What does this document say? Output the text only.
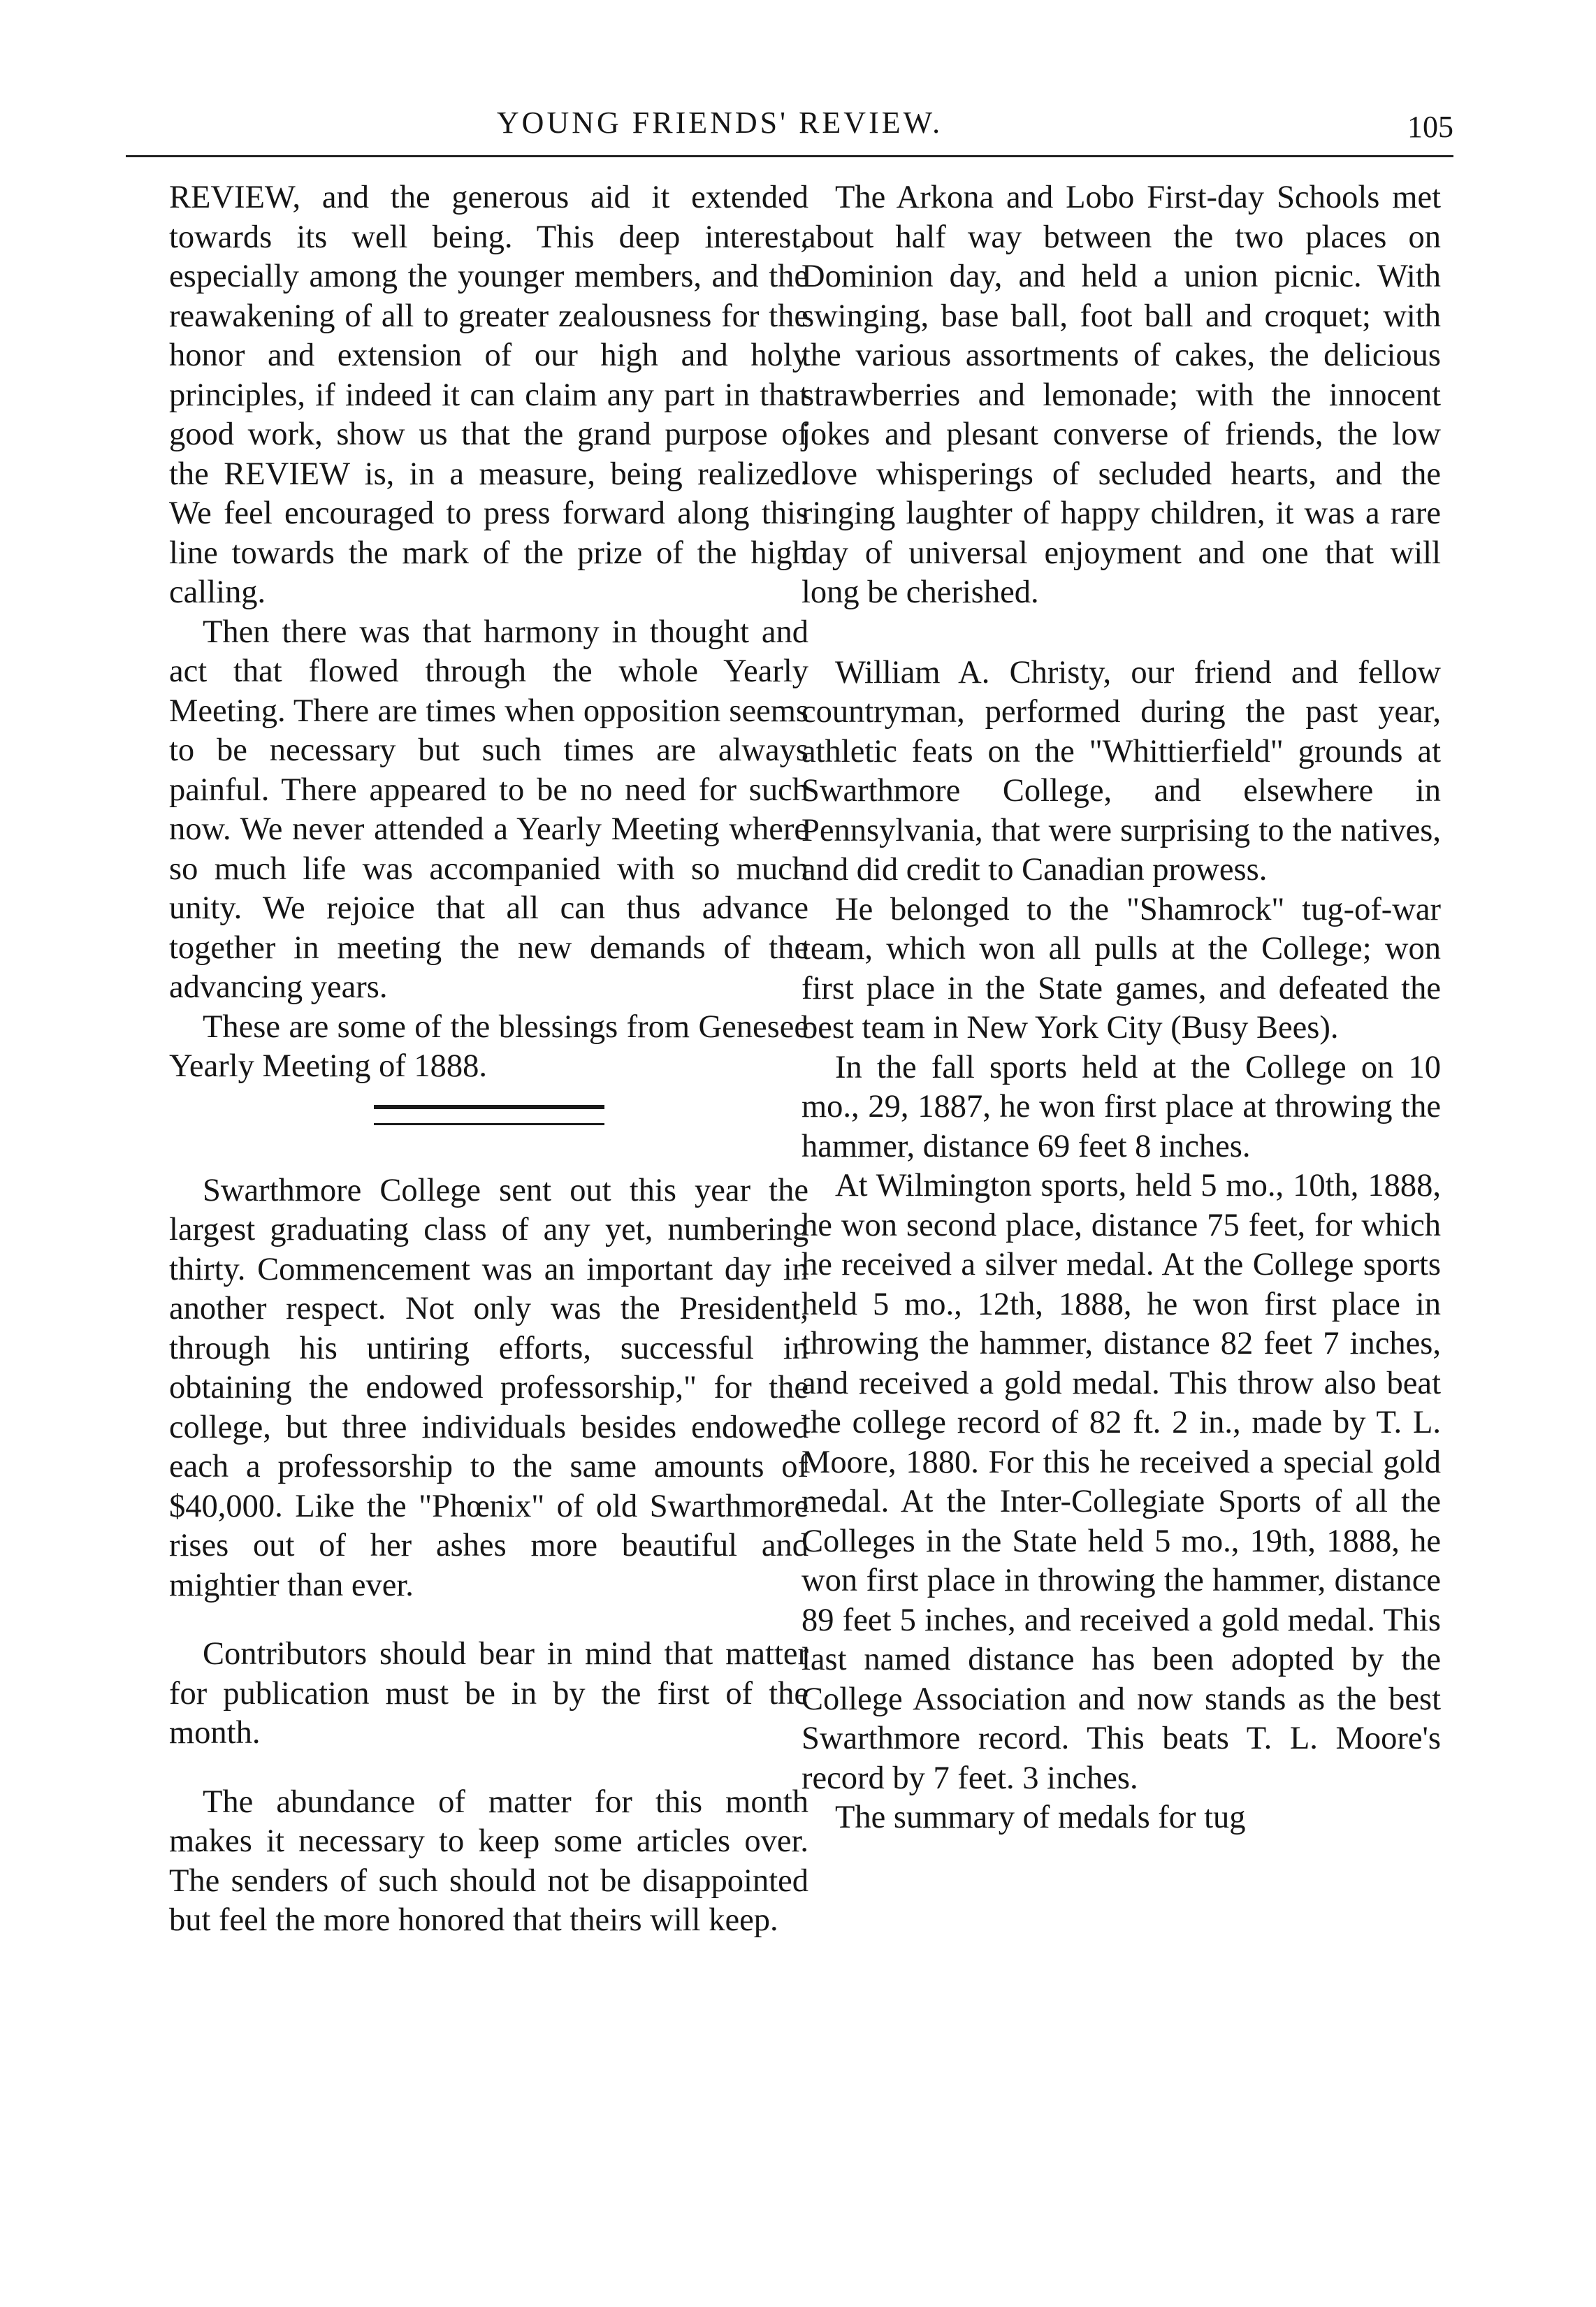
YOUNG FRIENDS' REVIEW.	105

REVIEW, and the generous aid it extended towards its well being. This deep interest, especially among the younger members, and the reawakening of all to greater zealousness for the honor and extension of our high and holy principles, if indeed it can claim any part in that good work, show us that the grand purpose of the REVIEW is, in a measure, being realized. We feel encouraged to press forward along this line towards the mark of the prize of the high calling.

Then there was that harmony in thought and act that flowed through the whole Yearly Meeting. There are times when opposition seems to be necessary but such times are always painful. There appeared to be no need for such now. We never attended a Yearly Meeting where so much life was accompanied with so much unity. We rejoice that all can thus advance together in meeting the new demands of the advancing years.

These are some of the blessings from Genesee Yearly Meeting of 1888.

Swarthmore College sent out this year the largest graduating class of any yet, numbering thirty. Commencement was an important day in another respect. Not only was the President, through his untiring efforts, successful in obtaining the endowed professorship," for the college, but three individuals besides endowed each a professorship to the same amounts of $40,000. Like the "Phœnix" of old Swarthmore rises out of her ashes more beautiful and mightier than ever.

Contributors should bear in mind that matter for publication must be in by the first of the month.

The abundance of matter for this month makes it necessary to keep some articles over. The senders of such should not be disappointed but feel the more honored that theirs will keep.

The Arkona and Lobo First-day Schools met about half way between the two places on Dominion day, and held a union picnic. With swinging, base ball, foot ball and croquet; with the various assortments of cakes, the delicious strawberries and lemonade; with the innocent jokes and plesant converse of friends, the low love whisperings of secluded hearts, and the ringing laughter of happy children, it was a rare day of universal enjoyment and one that will long be cherished.

William A. Christy, our friend and fellow countryman, performed during the past year, athletic feats on the "Whittierfield" grounds at Swarthmore College, and elsewhere in Pennsylvania, that were surprising to the natives, and did credit to Canadian prowess.

He belonged to the "Shamrock" tug-of-war team, which won all pulls at the College; won first place in the State games, and defeated the best team in New York City (Busy Bees).

In the fall sports held at the College on 10 mo., 29, 1887, he won first place at throwing the hammer, distance 69 feet 8 inches.

At Wilmington sports, held 5 mo., 10th, 1888, he won second place, distance 75 feet, for which he received a silver medal. At the College sports held 5 mo., 12th, 1888, he won first place in throwing the hammer, distance 82 feet 7 inches, and received a gold medal. This throw also beat the college record of 82 ft. 2 in., made by T. L. Moore, 1880. For this he received a special gold medal. At the Inter-Collegiate Sports of all the Colleges in the State held 5 mo., 19th, 1888, he won first place in throwing the hammer, distance 89 feet 5 inches, and received a gold medal. This last named distance has been adopted by the College Association and now stands as the best Swarthmore record. This beats T. L. Moore's record by 7 feet. 3 inches.

The summary of medals for tug
